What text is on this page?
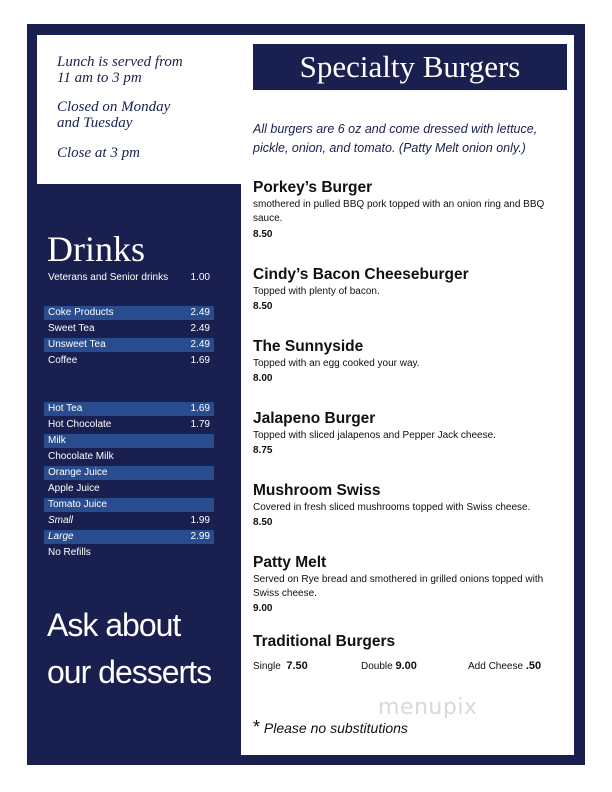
Lunch is served from

11 am to 3 pm

Closed on Monday

and Tuesday

Close at 3 pm

Drinks
Veterans and Senior drinks 1.00
Coke Products	2.49
Sweet Tea	2.49
Unsweet Tea	2.49
Coffee	1.69
Hot Tea	1.69
Hot Chocolate	1.79
Milk
Chocolate Milk
Orange Juice
Apple Juice
Tomato Juice
Small	1.99
Large	2.99
No Refills

Ask about

our desserts

Specialty Burgers

All burgers are 6 oz and come dressed with lettuce, pickle, onion, and tomato. (Patty Melt onion only.)

Porkey’s Burger

smothered in pulled BBQ pork topped with an onion ring and BBQ sauce.

8.50

Cindy’s Bacon Cheeseburger

Topped with plenty of bacon.

8.50

The Sunnyside

Topped with an egg cooked your way.

8.00

Jalapeno Burger

Topped with sliced jalapenos and Pepper Jack cheese.

8.75

Mushroom Swiss

Covered in fresh sliced mushrooms topped with Swiss cheese.

8.50

Patty Melt

Served on Rye bread and smothered in grilled onions topped with Swiss cheese.

9.00

Traditional Burgers

Single 7.50	Double 9.00	Add Cheese .50
menupix

* Please no substitutions
